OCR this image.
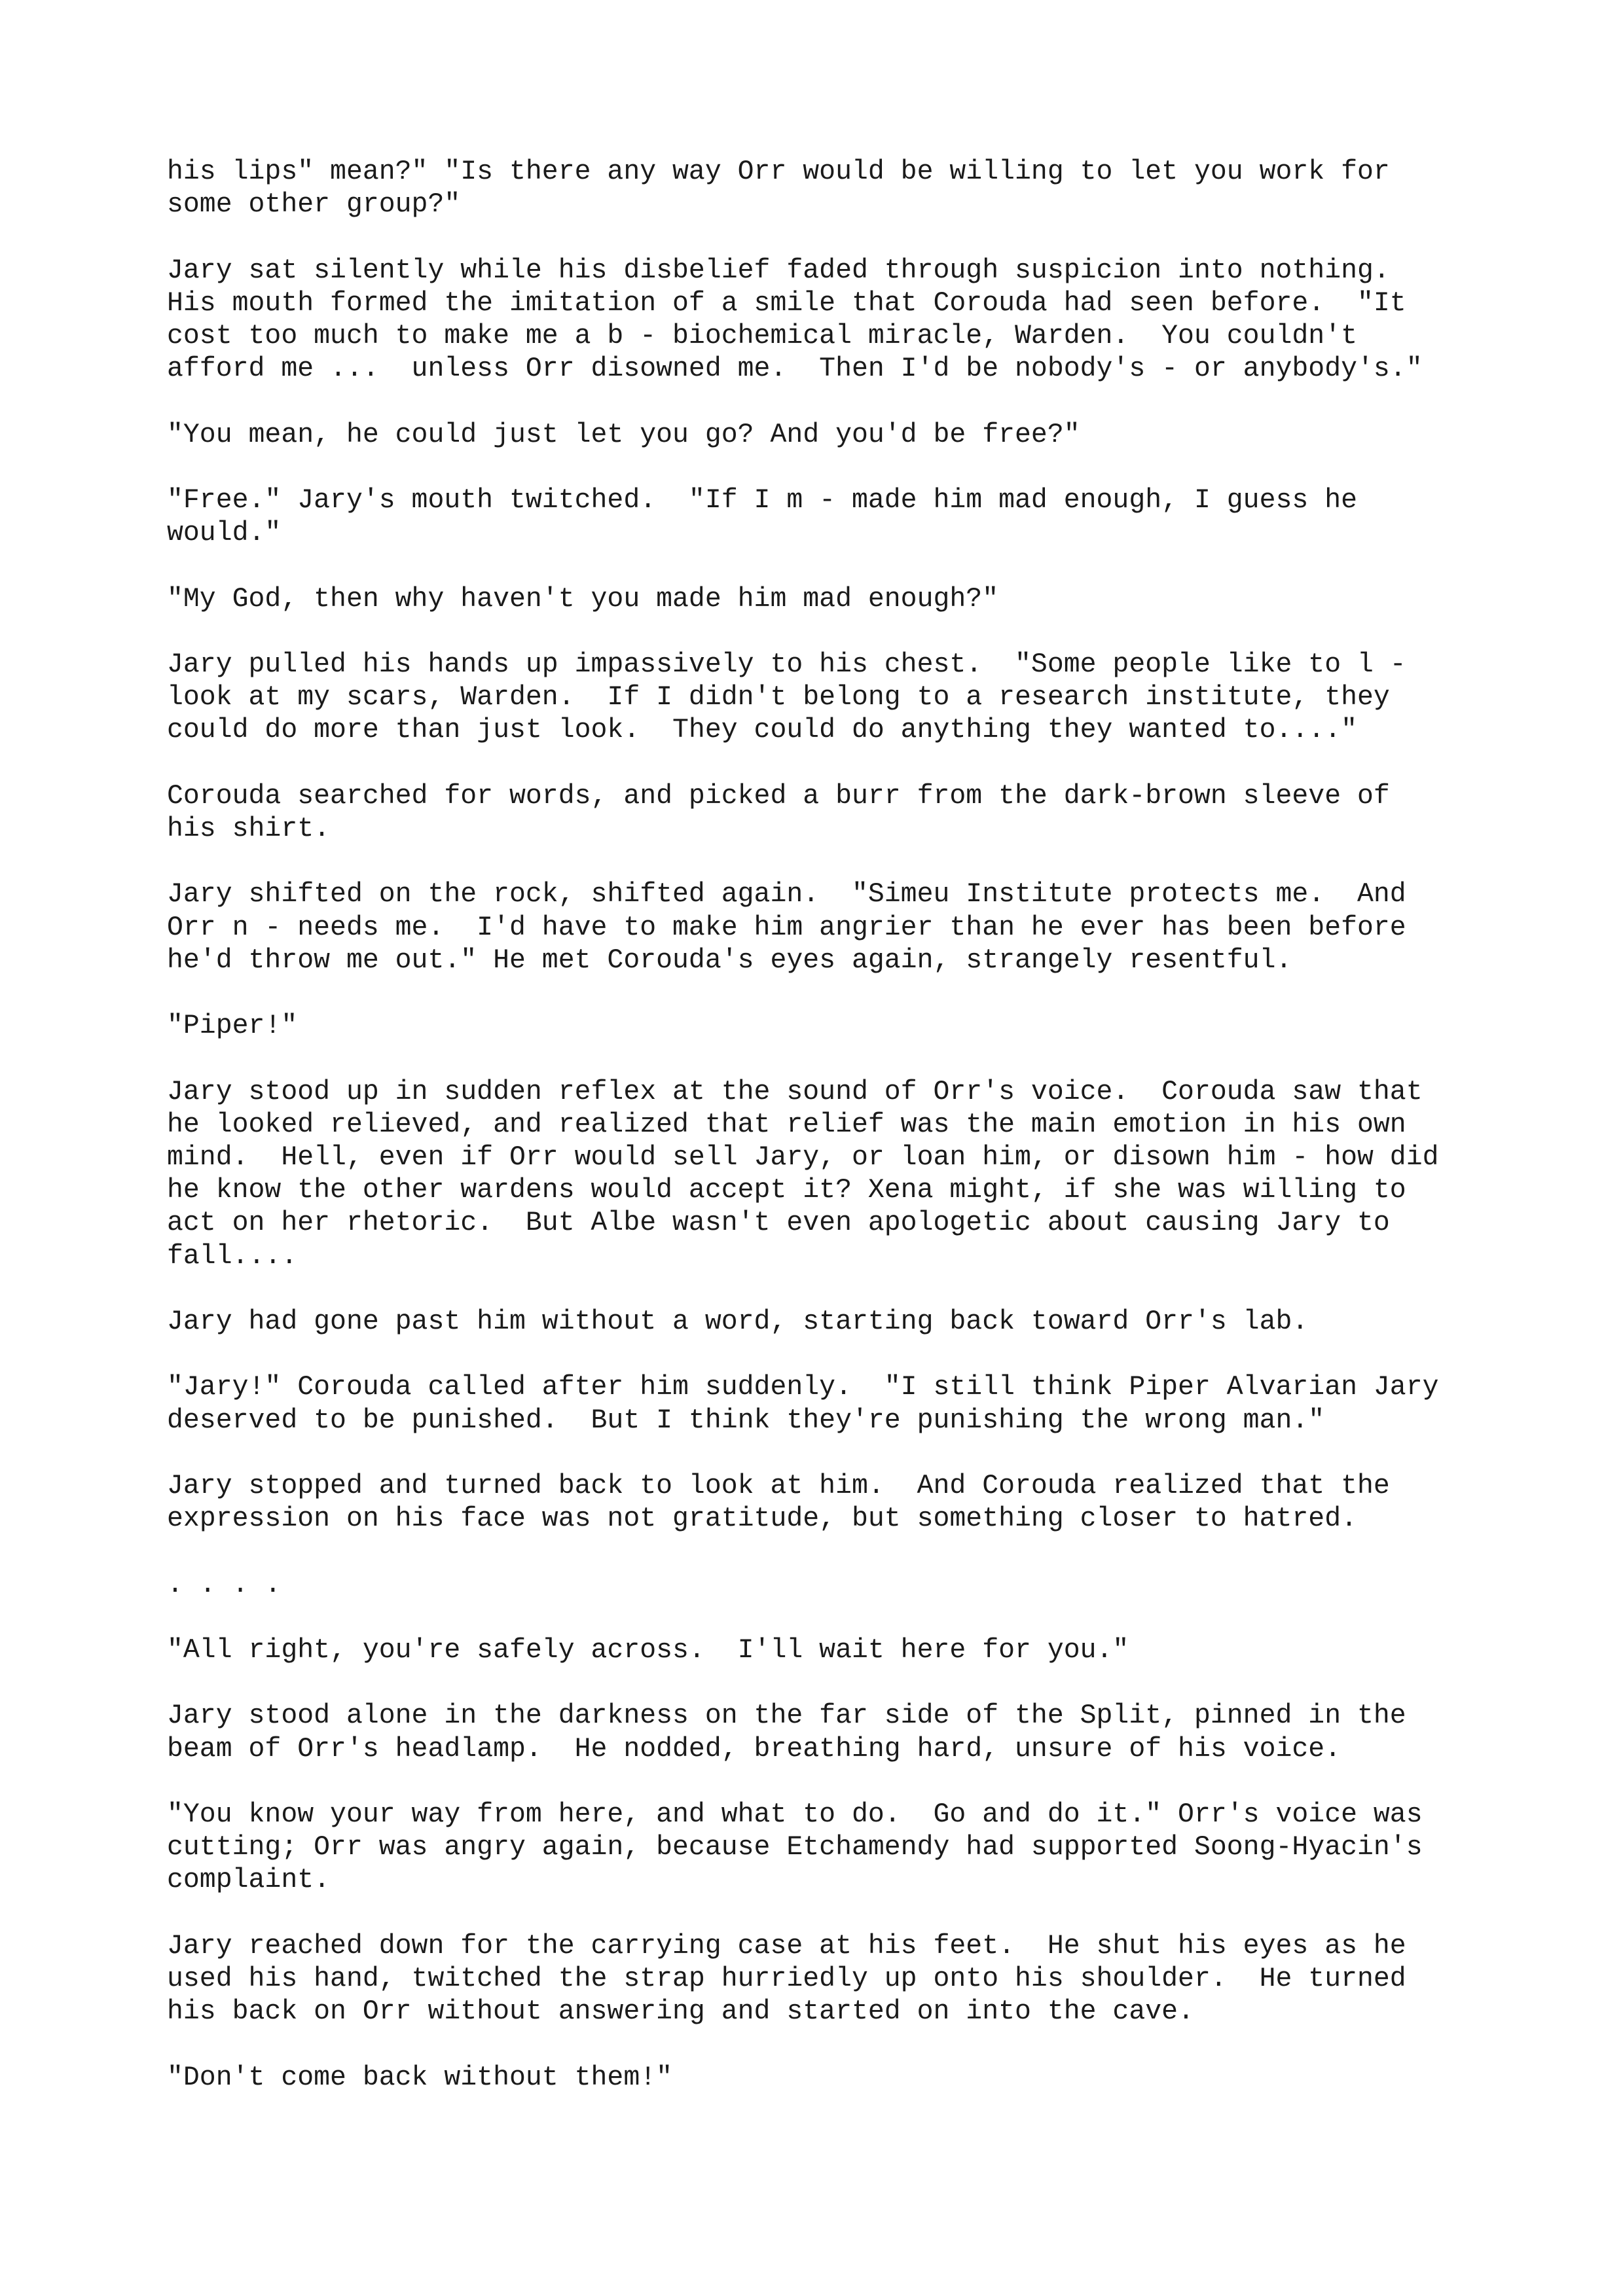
his lips" mean?" "Is there any way Orr would be willing to let you work for
some other group?"

Jary sat silently while his disbelief faded through suspicion into nothing.
His mouth formed the imitation of a smile that Corouda had seen before.  "It
cost too much to make me a b - biochemical miracle, Warden.  You couldn't
afford me ...  unless Orr disowned me.  Then I'd be nobody's - or anybody's."

"You mean, he could just let you go? And you'd be free?"

"Free." Jary's mouth twitched.  "If I m - made him mad enough, I guess he
would."

"My God, then why haven't you made him mad enough?"

Jary pulled his hands up impassively to his chest.  "Some people like to l -
look at my scars, Warden.  If I didn't belong to a research institute, they
could do more than just look.  They could do anything they wanted to...."

Corouda searched for words, and picked a burr from the dark-brown sleeve of
his shirt.

Jary shifted on the rock, shifted again.  "Simeu Institute protects me.  And
Orr n - needs me.  I'd have to make him angrier than he ever has been before
he'd throw me out." He met Corouda's eyes again, strangely resentful.

"Piper!"

Jary stood up in sudden reflex at the sound of Orr's voice.  Corouda saw that
he looked relieved, and realized that relief was the main emotion in his own
mind.  Hell, even if Orr would sell Jary, or loan him, or disown him - how did
he know the other wardens would accept it? Xena might, if she was willing to
act on her rhetoric.  But Albe wasn't even apologetic about causing Jary to
fall....

Jary had gone past him without a word, starting back toward Orr's lab.

"Jary!" Corouda called after him suddenly.  "I still think Piper Alvarian Jary
deserved to be punished.  But I think they're punishing the wrong man."

Jary stopped and turned back to look at him.  And Corouda realized that the
expression on his face was not gratitude, but something closer to hatred.

. . . .

"All right, you're safely across.  I'll wait here for you."

Jary stood alone in the darkness on the far side of the Split, pinned in the
beam of Orr's headlamp.  He nodded, breathing hard, unsure of his voice.

"You know your way from here, and what to do.  Go and do it." Orr's voice was
cutting; Orr was angry again, because Etchamendy had supported Soong-Hyacin's
complaint.

Jary reached down for the carrying case at his feet.  He shut his eyes as he
used his hand, twitched the strap hurriedly up onto his shoulder.  He turned
his back on Orr without answering and started on into the cave.

"Don't come back without them!"
